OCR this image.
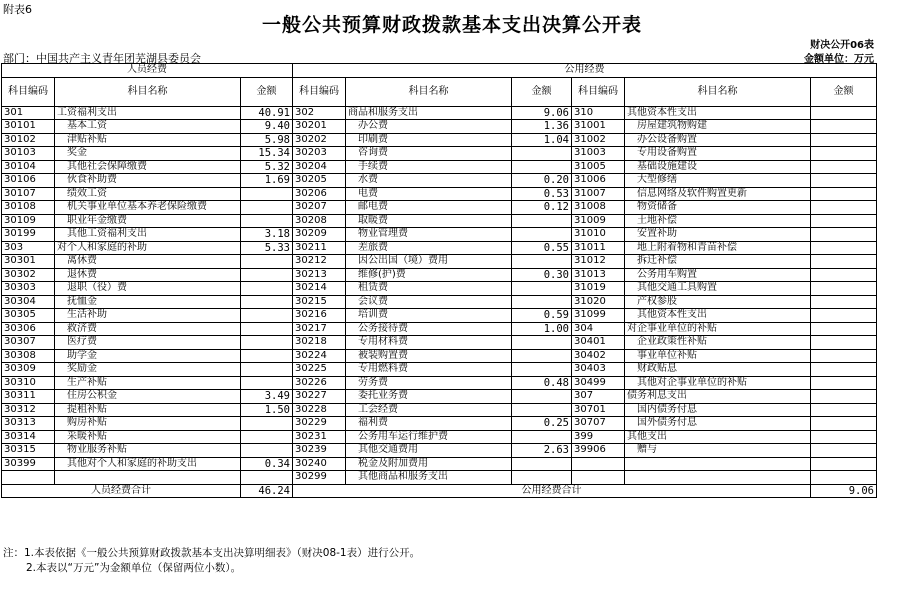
附表6
一般公共预算财政拨款基本支出决算公开表
财决公开06表
部门：中国共产主义青年团芜湖县委员会	金额单位：万元
人员经费			公用经费					
科目编码	科目名称	金额	科目编码	科目名称	金额	科目编码	科目名称	金额
301	工资福利支出	40.91	302	商品和服务支出	9.06	310	其他资本性支出	
30101	基本工资	9.40	30201	办公费	1.36	31001	房屋建筑物购建	
30102	津贴补贴	5.98	30202	印刷费	1.04	31002	办公设备购置	
30103	奖金	15.34	30203	咨询费		31003	专用设备购置	
30104	其他社会保障缴费	5.32	30204	手续费		31005	基础设施建设	
30106	伙食补助费	1.69	30205	水费	0.20	31006	大型修缮	
30107	绩效工资		30206	电费	0.53	31007	信息网络及软件购置更新	
30108	机关事业单位基本养老保险缴费		30207	邮电费	0.12	31008	物资储备	
30109	职业年金缴费		30208	取暖费		31009	土地补偿	
30199	其他工资福利支出	3.18	30209	物业管理费		31010	安置补助	
303	对个人和家庭的补助	5.33	30211	差旅费	0.55	31011	地上附着物和青苗补偿	
30301	离休费		30212	因公出国（境）费用		31012	拆迁补偿	
30302	退休费		30213	维修(护)费	0.30	31013	公务用车购置	
30303	退职（役）费		30214	租赁费		31019	其他交通工具购置	
30304	抚恤金		30215	会议费		31020	产权参股	
30305	生活补助		30216	培训费	0.59	31099	其他资本性支出	
30306	救济费		30217	公务接待费	1.00	304	对企事业单位的补贴	
30307	医疗费		30218	专用材料费		30401	企业政策性补贴	
30308	助学金		30224	被装购置费		30402	事业单位补贴	
30309	奖励金		30225	专用燃料费		30403	财政贴息	
30310	生产补贴		30226	劳务费	0.48	30499	其他对企事业单位的补贴	
30311	住房公积金	3.49	30227	委托业务费		307	债务利息支出	
30312	提租补贴	1.50	30228	工会经费		30701	国内债务付息	
30313	购房补贴		30229	福利费	0.25	30707	国外债务付息	
30314	采暖补贴		30231	公务用车运行维护费		399	其他支出	
30315	物业服务补贴		30239	其他交通费用	2.63	39906	赠与	
30399	其他对个人和家庭的补助支出	0.34	30240	税金及附加费用				
			30299	其他商品和服务支出				
人员经费合计		46.24	公用经费合计					9.06
注：1.本表依据《一般公共预算财政拨款基本支出决算明细表》（财决08-1表）进行公开。
2.本表以“万元”为金额单位（保留两位小数）。
